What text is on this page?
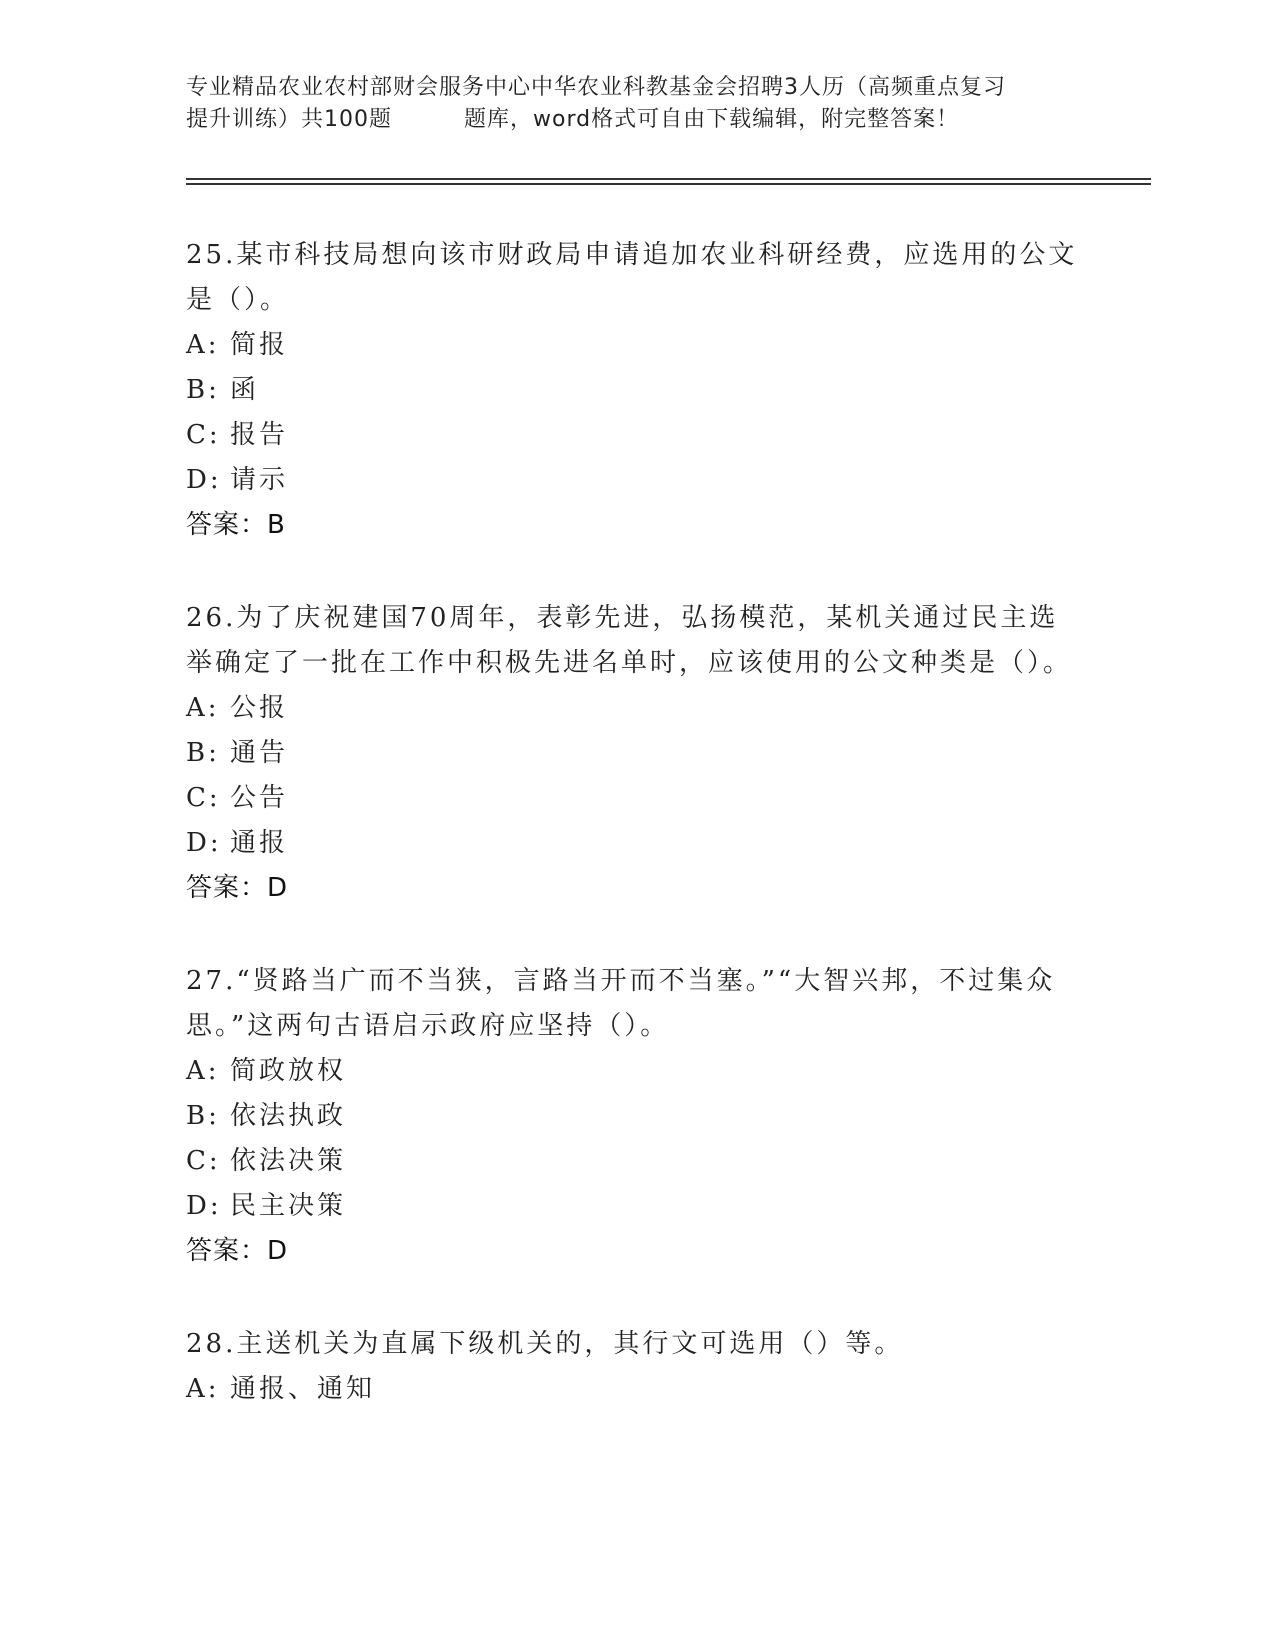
专业精品农业农村部财会服务中心中华农业科教基金会招聘3人历（高频重点复习
提升训练）共100题	题库，word格式可自由下载编辑，附完整答案！
25.某市科技局想向该市财政局申请追加农业科研经费，应选用的公文是（）。
A: 简报
B: 函
C: 报告
D: 请示
答案：B
26.为了庆祝建国70周年，表彰先进，弘扬模范，某机关通过民主选举确定了一批在工作中积极先进名单时，应该使用的公文种类是（）。
A: 公报
B: 通告
C: 公告
D: 通报
答案：D
27.“贤路当广而不当狭，言路当开而不当塞。”“大智兴邦，不过集众思。”这两句古语启示政府应坚持（）。
A: 简政放权
B: 依法执政
C: 依法决策
D: 民主决策
答案：D
28.主送机关为直属下级机关的，其行文可选用（）等。
A: 通报、通知
